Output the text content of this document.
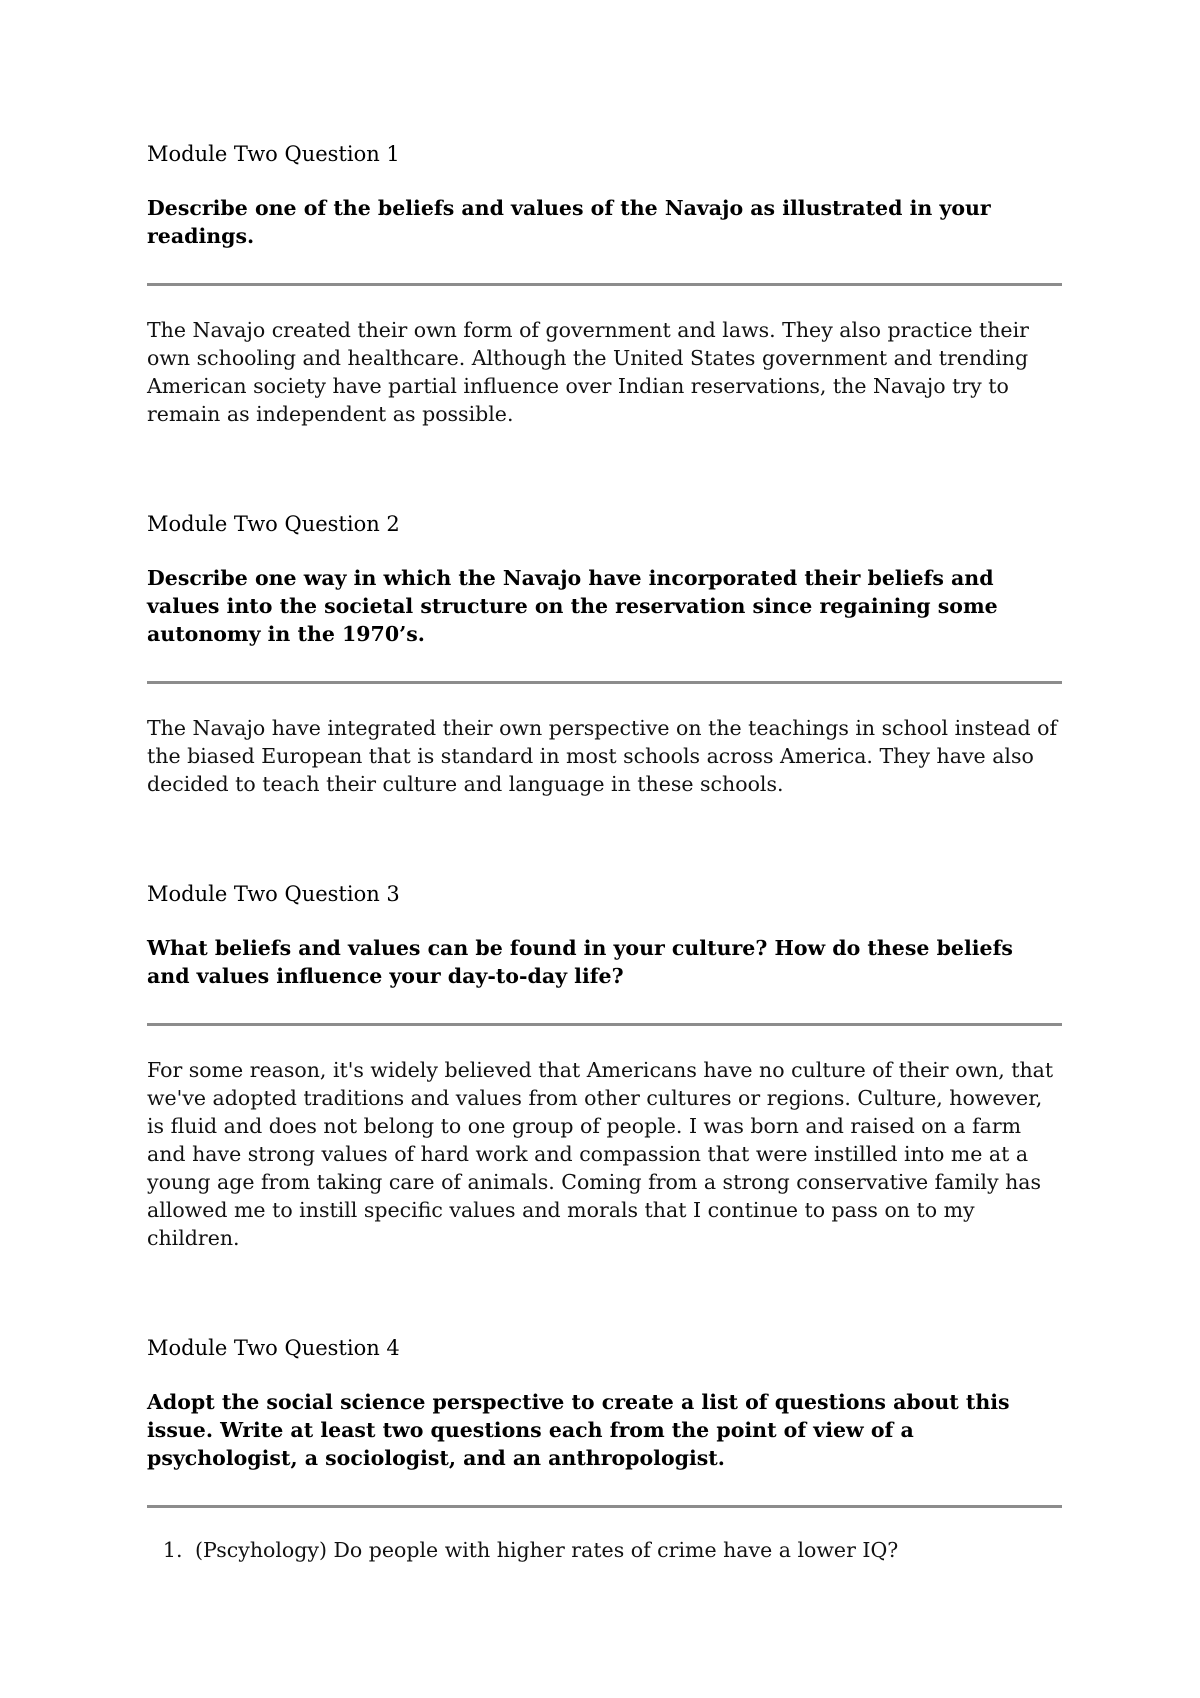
Module Two Question 1

Describe one of the beliefs and values of the Navajo as illustrated in your readings.

The Navajo created their own form of government and laws. They also practice their own schooling and healthcare. Although the United States government and trending American society have partial influence over Indian reservations, the Navajo try to remain as independent as possible.

Module Two Question 2

Describe one way in which the Navajo have incorporated their beliefs and values into the societal structure on the reservation since regaining some autonomy in the 1970’s.

The Navajo have integrated their own perspective on the teachings in school instead of the biased European that is standard in most schools across America. They have also decided to teach their culture and language in these schools.

Module Two Question 3

What beliefs and values can be found in your culture? How do these beliefs and values influence your day-to-day life?

For some reason, it's widely believed that Americans have no culture of their own, that we've adopted traditions and values from other cultures or regions. Culture, however, is fluid and does not belong to one group of people. I was born and raised on a farm and have strong values of hard work and compassion that were instilled into me at a young age from taking care of animals. Coming from a strong conservative family has allowed me to instill specific values and morals that I continue to pass on to my children.

Module Two Question 4

Adopt the social science perspective to create a list of questions about this issue. Write at least two questions each from the point of view of a psychologist, a sociologist, and an anthropologist.

1. (Pscyhology) Do people with higher rates of crime have a lower IQ?
